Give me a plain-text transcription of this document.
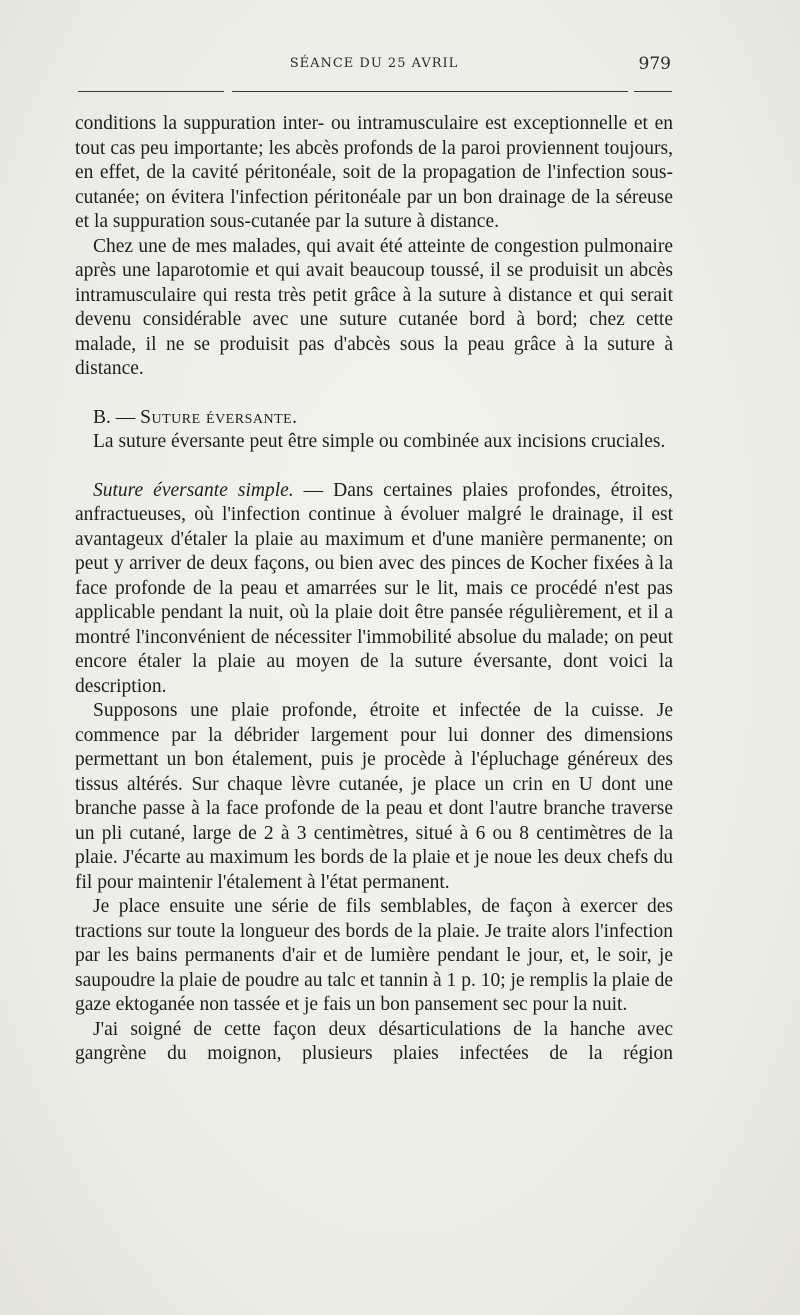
SÉANCE DU 25 AVRIL	979

conditions la suppuration inter- ou intramusculaire est exceptionnelle et en tout cas peu importante; les abcès profonds de la paroi proviennent toujours, en effet, de la cavité péritonéale, soit de la propagation de l'infection sous-cutanée; on évitera l'infection péritonéale par un bon drainage de la séreuse et la suppuration sous-cutanée par la suture à distance.

Chez une de mes malades, qui avait été atteinte de congestion pulmonaire après une laparotomie et qui avait beaucoup toussé, il se produisit un abcès intramusculaire qui resta très petit grâce à la suture à distance et qui serait devenu considérable avec une suture cutanée bord à bord; chez cette malade, il ne se produisit pas d'abcès sous la peau grâce à la suture à distance.

B. — Suture éversante.

La suture éversante peut être simple ou combinée aux incisions cruciales.

Suture éversante simple. — Dans certaines plaies profondes, étroites, anfractueuses, où l'infection continue à évoluer malgré le drainage, il est avantageux d'étaler la plaie au maximum et d'une manière permanente; on peut y arriver de deux façons, ou bien avec des pinces de Kocher fixées à la face profonde de la peau et amarrées sur le lit, mais ce procédé n'est pas applicable pendant la nuit, où la plaie doit être pansée régulièrement, et il a montré l'inconvénient de nécessiter l'immobilité absolue du malade; on peut encore étaler la plaie au moyen de la suture éversante, dont voici la description.

Supposons une plaie profonde, étroite et infectée de la cuisse. Je commence par la débrider largement pour lui donner des dimensions permettant un bon étalement, puis je procède à l'épluchage généreux des tissus altérés. Sur chaque lèvre cutanée, je place un crin en U dont une branche passe à la face profonde de la peau et dont l'autre branche traverse un pli cutané, large de 2 à 3 centimètres, situé à 6 ou 8 centimètres de la plaie. J'écarte au maximum les bords de la plaie et je noue les deux chefs du fil pour maintenir l'étalement à l'état permanent.

Je place ensuite une série de fils semblables, de façon à exercer des tractions sur toute la longueur des bords de la plaie. Je traite alors l'infection par les bains permanents d'air et de lumière pendant le jour, et, le soir, je saupoudre la plaie de poudre au talc et tannin à 1 p. 10; je remplis la plaie de gaze ektoganée non tassée et je fais un bon pansement sec pour la nuit.

J'ai soigné de cette façon deux désarticulations de la hanche avec gangrène du moignon, plusieurs plaies infectées de la région
